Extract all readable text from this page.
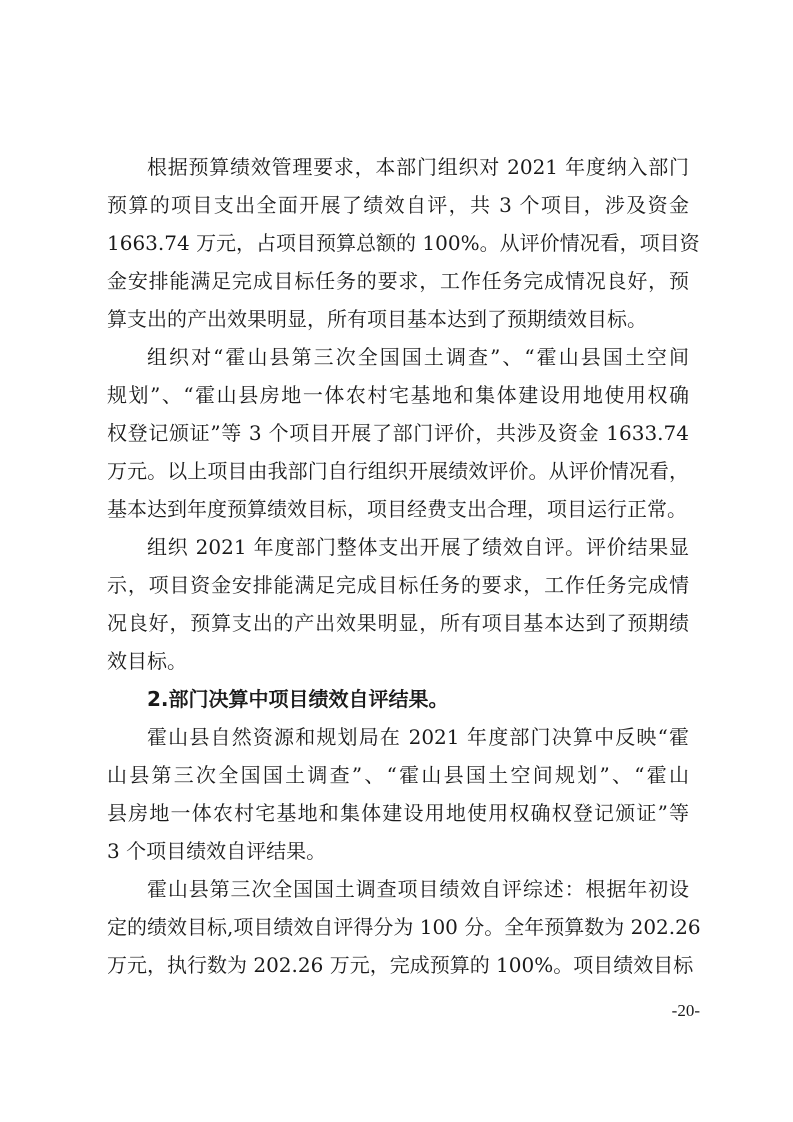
根据预算绩效管理要求，本部门组织对 2021 年度纳入部门
预算的项目支出全面开展了绩效自评，共 3 个项目，涉及资金
1663.74 万元，占项目预算总额的 100%。从评价情况看，项目资
金安排能满足完成目标任务的要求，工作任务完成情况良好，预
算支出的产出效果明显，所有项目基本达到了预期绩效目标。
组织对“霍山县第三次全国国土调查”、“霍山县国土空间
规划”、“霍山县房地一体农村宅基地和集体建设用地使用权确
权登记颁证”等 3 个项目开展了部门评价，共涉及资金 1633.74
万元。以上项目由我部门自行组织开展绩效评价。从评价情况看，
基本达到年度预算绩效目标，项目经费支出合理，项目运行正常。
组织 2021 年度部门整体支出开展了绩效自评。评价结果显
示，项目资金安排能满足完成目标任务的要求，工作任务完成情
况良好，预算支出的产出效果明显，所有项目基本达到了预期绩
效目标。
2.部门决算中项目绩效自评结果。
霍山县自然资源和规划局在 2021 年度部门决算中反映“霍
山县第三次全国国土调查”、“霍山县国土空间规划”、“霍山
县房地一体农村宅基地和集体建设用地使用权确权登记颁证”等
3 个项目绩效自评结果。
霍山县第三次全国国土调查项目绩效自评综述：根据年初设
定的绩效目标,项目绩效自评得分为 100 分。全年预算数为 202.26
万元，执行数为 202.26 万元，完成预算的 100%。项目绩效目标
-20-
